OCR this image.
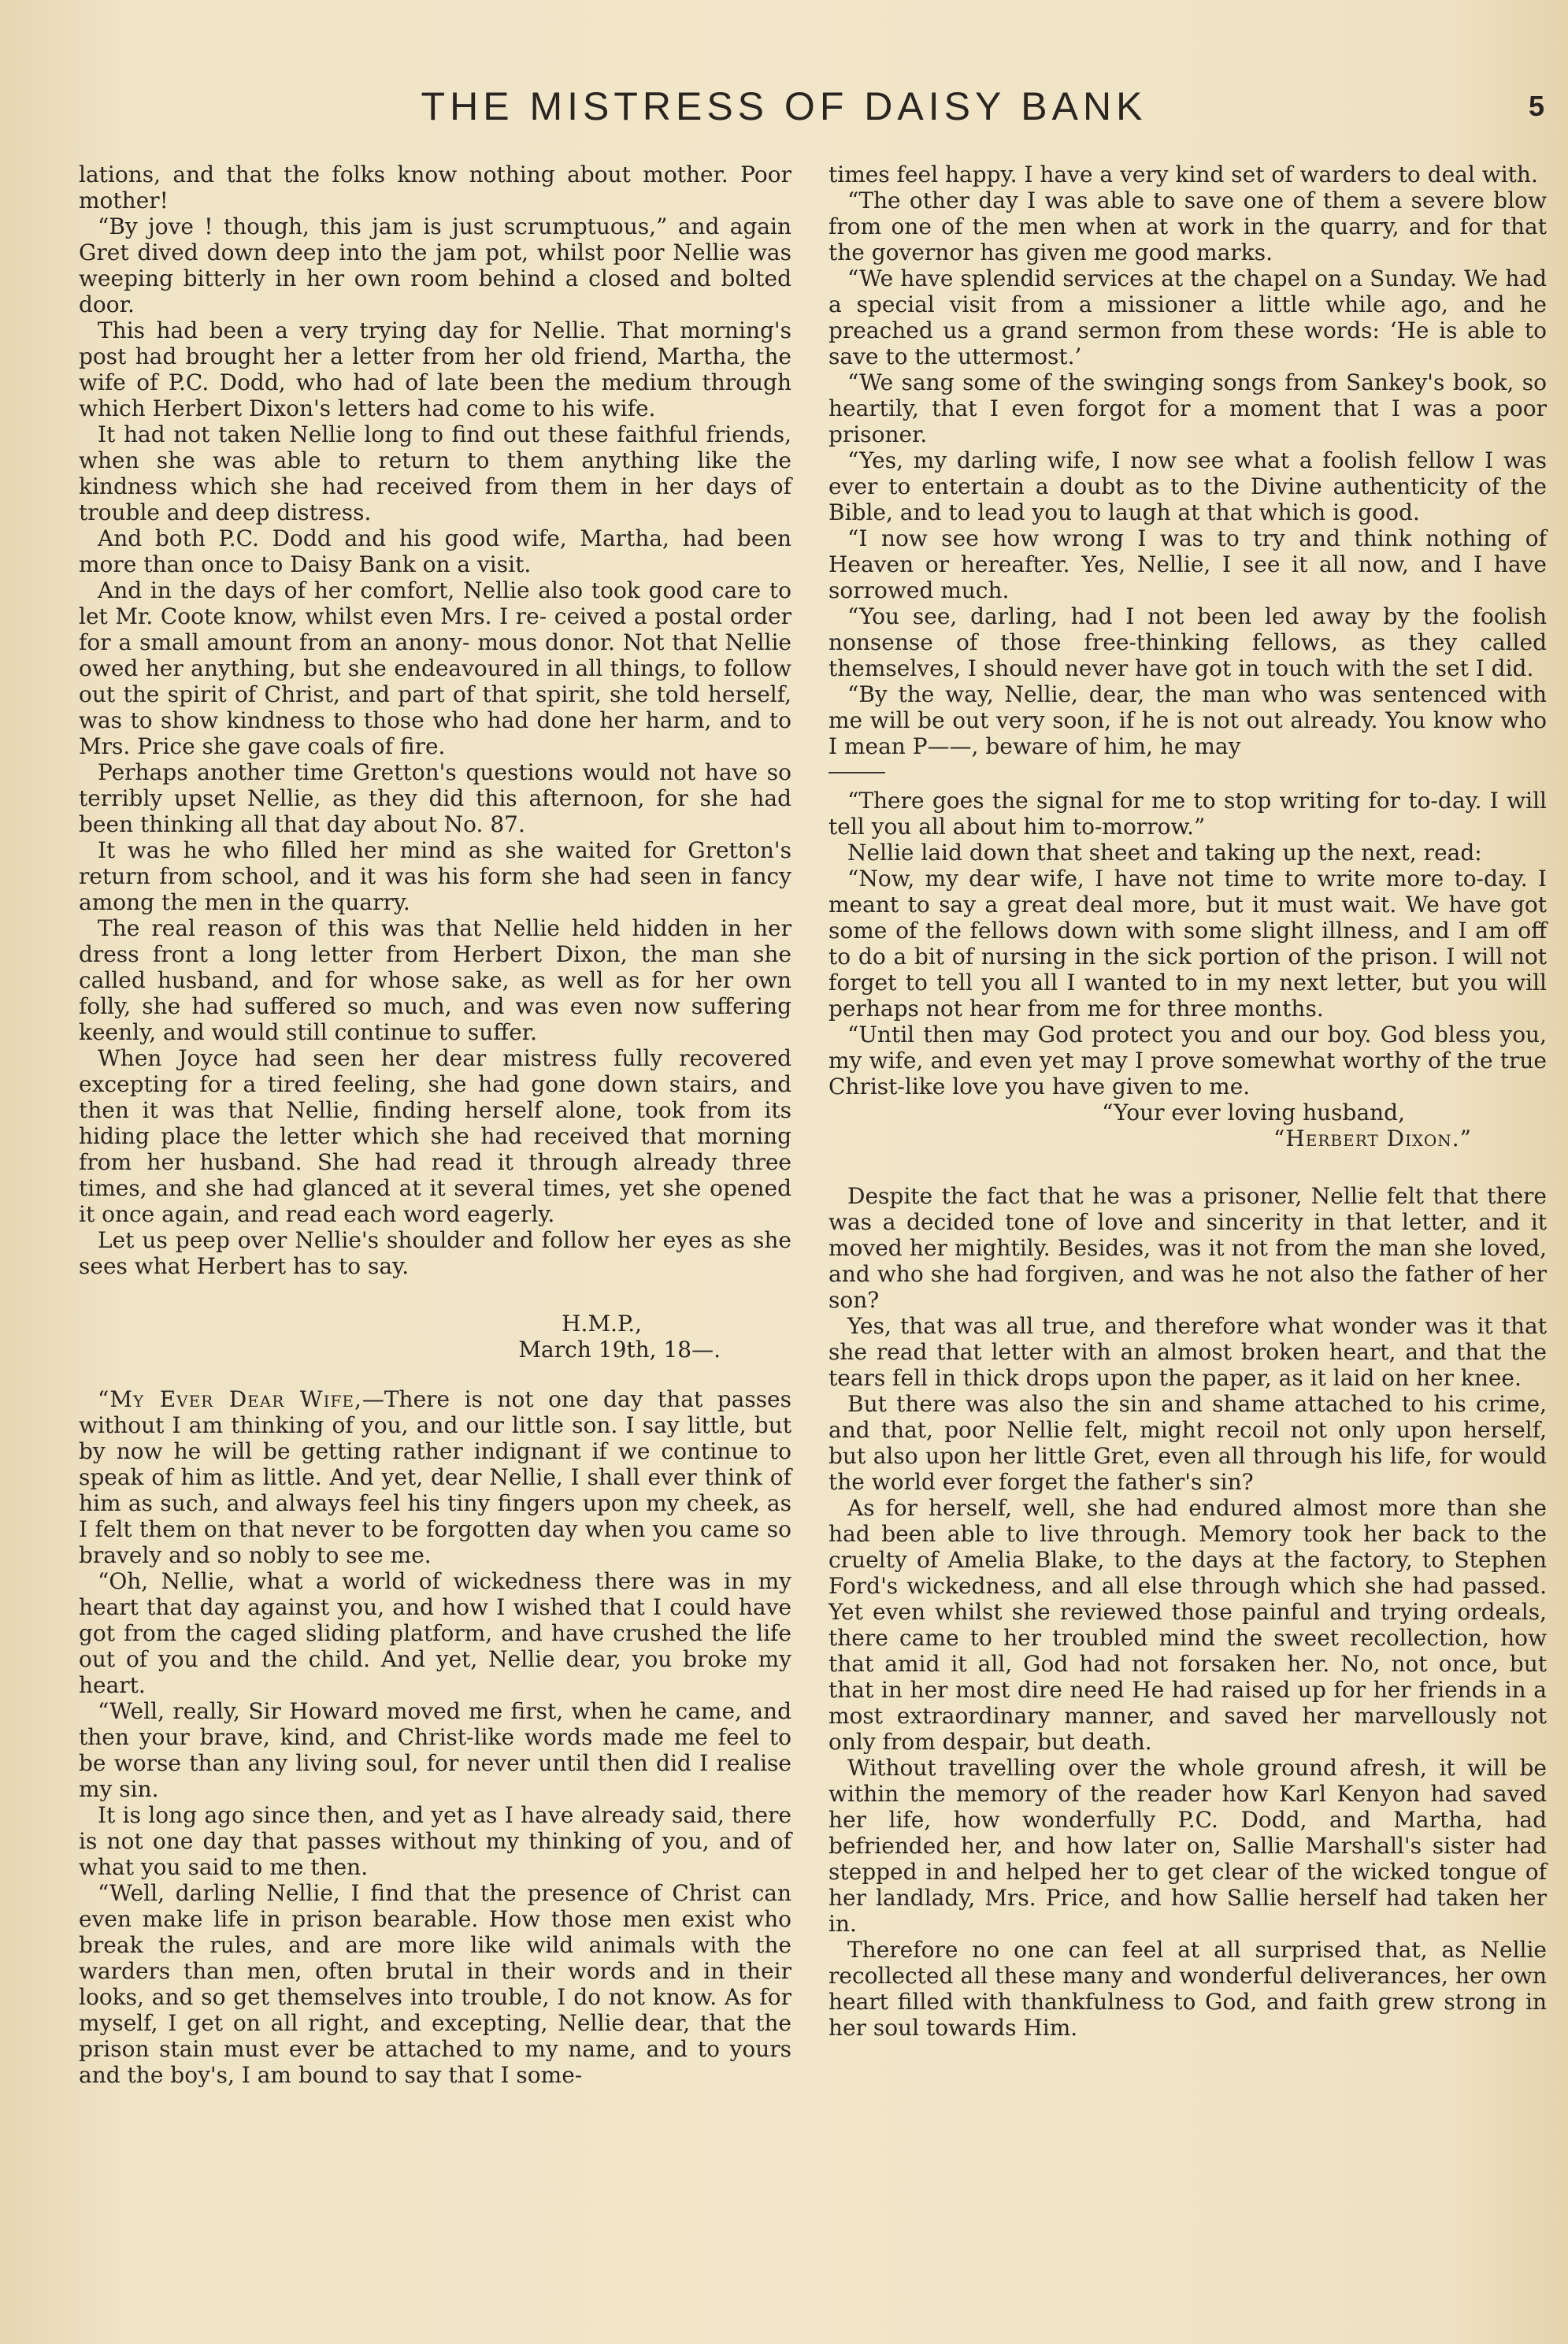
THE MISTRESS OF DAISY BANK	5

lations, and that the folks know nothing about mother. Poor mother!

“By jove ! though, this jam is just scrumptuous,” and again Gret dived down deep into the jam pot, whilst poor Nellie was weeping bitterly in her own room behind a closed and bolted door.

This had been a very trying day for Nellie. That morning's post had brought her a letter from her old friend, Martha, the wife of P.C. Dodd, who had of late been the medium through which Herbert Dixon's letters had come to his wife.

It had not taken Nellie long to find out these faithful friends, when she was able to return to them anything like the kindness which she had received from them in her days of trouble and deep distress.

And both P.C. Dodd and his good wife, Martha, had been more than once to Daisy Bank on a visit.

And in the days of her comfort, Nellie also took good care to let Mr. Coote know, whilst even Mrs. I re- ceived a postal order for a small amount from an anony- mous donor. Not that Nellie owed her anything, but she endeavoured in all things, to follow out the spirit of Christ, and part of that spirit, she told herself, was to show kindness to those who had done her harm, and to Mrs. Price she gave coals of fire.

Perhaps another time Gretton's questions would not have so terribly upset Nellie, as they did this afternoon, for she had been thinking all that day about No. 87.

It was he who filled her mind as she waited for Gretton's return from school, and it was his form she had seen in fancy among the men in the quarry.

The real reason of this was that Nellie held hidden in her dress front a long letter from Herbert Dixon, the man she called husband, and for whose sake, as well as for her own folly, she had suffered so much, and was even now suffering keenly, and would still continue to suffer.

When Joyce had seen her dear mistress fully recovered excepting for a tired feeling, she had gone down stairs, and then it was that Nellie, finding herself alone, took from its hiding place the letter which she had received that morning from her husband. She had read it through already three times, and she had glanced at it several times, yet she opened it once again, and read each word eagerly.

Let us peep over Nellie's shoulder and follow her eyes as she sees what Herbert has to say.

H.M.P.,

March 19th, 18—.

“My Ever Dear Wife,—There is not one day that passes without I am thinking of you, and our little son. I say little, but by now he will be getting rather indignant if we continue to speak of him as little. And yet, dear Nellie, I shall ever think of him as such, and always feel his tiny fingers upon my cheek, as I felt them on that never to be forgotten day when you came so bravely and so nobly to see me.

“Oh, Nellie, what a world of wickedness there was in my heart that day against you, and how I wished that I could have got from the caged sliding platform, and have crushed the life out of you and the child. And yet, Nellie dear, you broke my heart.

“Well, really, Sir Howard moved me first, when he came, and then your brave, kind, and Christ-like words made me feel to be worse than any living soul, for never until then did I realise my sin.

It is long ago since then, and yet as I have already said, there is not one day that passes without my thinking of you, and of what you said to me then.

“Well, darling Nellie, I find that the presence of Christ can even make life in prison bearable. How those men exist who break the rules, and are more like wild animals with the warders than men, often brutal in their words and in their looks, and so get themselves into trouble, I do not know. As for myself, I get on all right, and excepting, Nellie dear, that the prison stain must ever be attached to my name, and to yours and the boy's, I am bound to say that I some-

times feel happy. I have a very kind set of warders to deal with.

“The other day I was able to save one of them a severe blow from one of the men when at work in the quarry, and for that the governor has given me good marks.

“We have splendid services at the chapel on a Sunday. We had a special visit from a missioner a little while ago, and he preached us a grand sermon from these words: ‘He is able to save to the uttermost.’

“We sang some of the swinging songs from Sankey's book, so heartily, that I even forgot for a moment that I was a poor prisoner.

“Yes, my darling wife, I now see what a foolish fellow I was ever to entertain a doubt as to the Divine authenticity of the Bible, and to lead you to laugh at that which is good.

“I now see how wrong I was to try and think nothing of Heaven or hereafter. Yes, Nellie, I see it all now, and I have sorrowed much.

“You see, darling, had I not been led away by the foolish nonsense of those free-thinking fellows, as they called themselves, I should never have got in touch with the set I did.

“By the way, Nellie, dear, the man who was sentenced with me will be out very soon, if he is not out already. You know who I mean P——, beware of him, he may

“There goes the signal for me to stop writing for to-day. I will tell you all about him to-morrow.”

Nellie laid down that sheet and taking up the next, read:

“Now, my dear wife, I have not time to write more to-day. I meant to say a great deal more, but it must wait. We have got some of the fellows down with some slight illness, and I am off to do a bit of nursing in the sick portion of the prison. I will not forget to tell you all I wanted to in my next letter, but you will perhaps not hear from me for three months.

“Until then may God protect you and our boy. God bless you, my wife, and even yet may I prove somewhat worthy of the true Christ-like love you have given to me.

“Your ever loving husband,

“Herbert Dixon.”

Despite the fact that he was a prisoner, Nellie felt that there was a decided tone of love and sincerity in that letter, and it moved her mightily. Besides, was it not from the man she loved, and who she had forgiven, and was he not also the father of her son?

Yes, that was all true, and therefore what wonder was it that she read that letter with an almost broken heart, and that the tears fell in thick drops upon the paper, as it laid on her knee.

But there was also the sin and shame attached to his crime, and that, poor Nellie felt, might recoil not only upon herself, but also upon her little Gret, even all through his life, for would the world ever forget the father's sin?

As for herself, well, she had endured almost more than she had been able to live through. Memory took her back to the cruelty of Amelia Blake, to the days at the factory, to Stephen Ford's wickedness, and all else through which she had passed. Yet even whilst she reviewed those painful and trying ordeals, there came to her troubled mind the sweet recollection, how that amid it all, God had not forsaken her. No, not once, but that in her most dire need He had raised up for her friends in a most extraordinary manner, and saved her marvellously not only from despair, but death.

Without travelling over the whole ground afresh, it will be within the memory of the reader how Karl Kenyon had saved her life, how wonderfully P.C. Dodd, and Martha, had befriended her, and how later on, Sallie Marshall's sister had stepped in and helped her to get clear of the wicked tongue of her landlady, Mrs. Price, and how Sallie herself had taken her in.

Therefore no one can feel at all surprised that, as Nellie recollected all these many and wonderful deliverances, her own heart filled with thankfulness to God, and faith grew strong in her soul towards Him.
